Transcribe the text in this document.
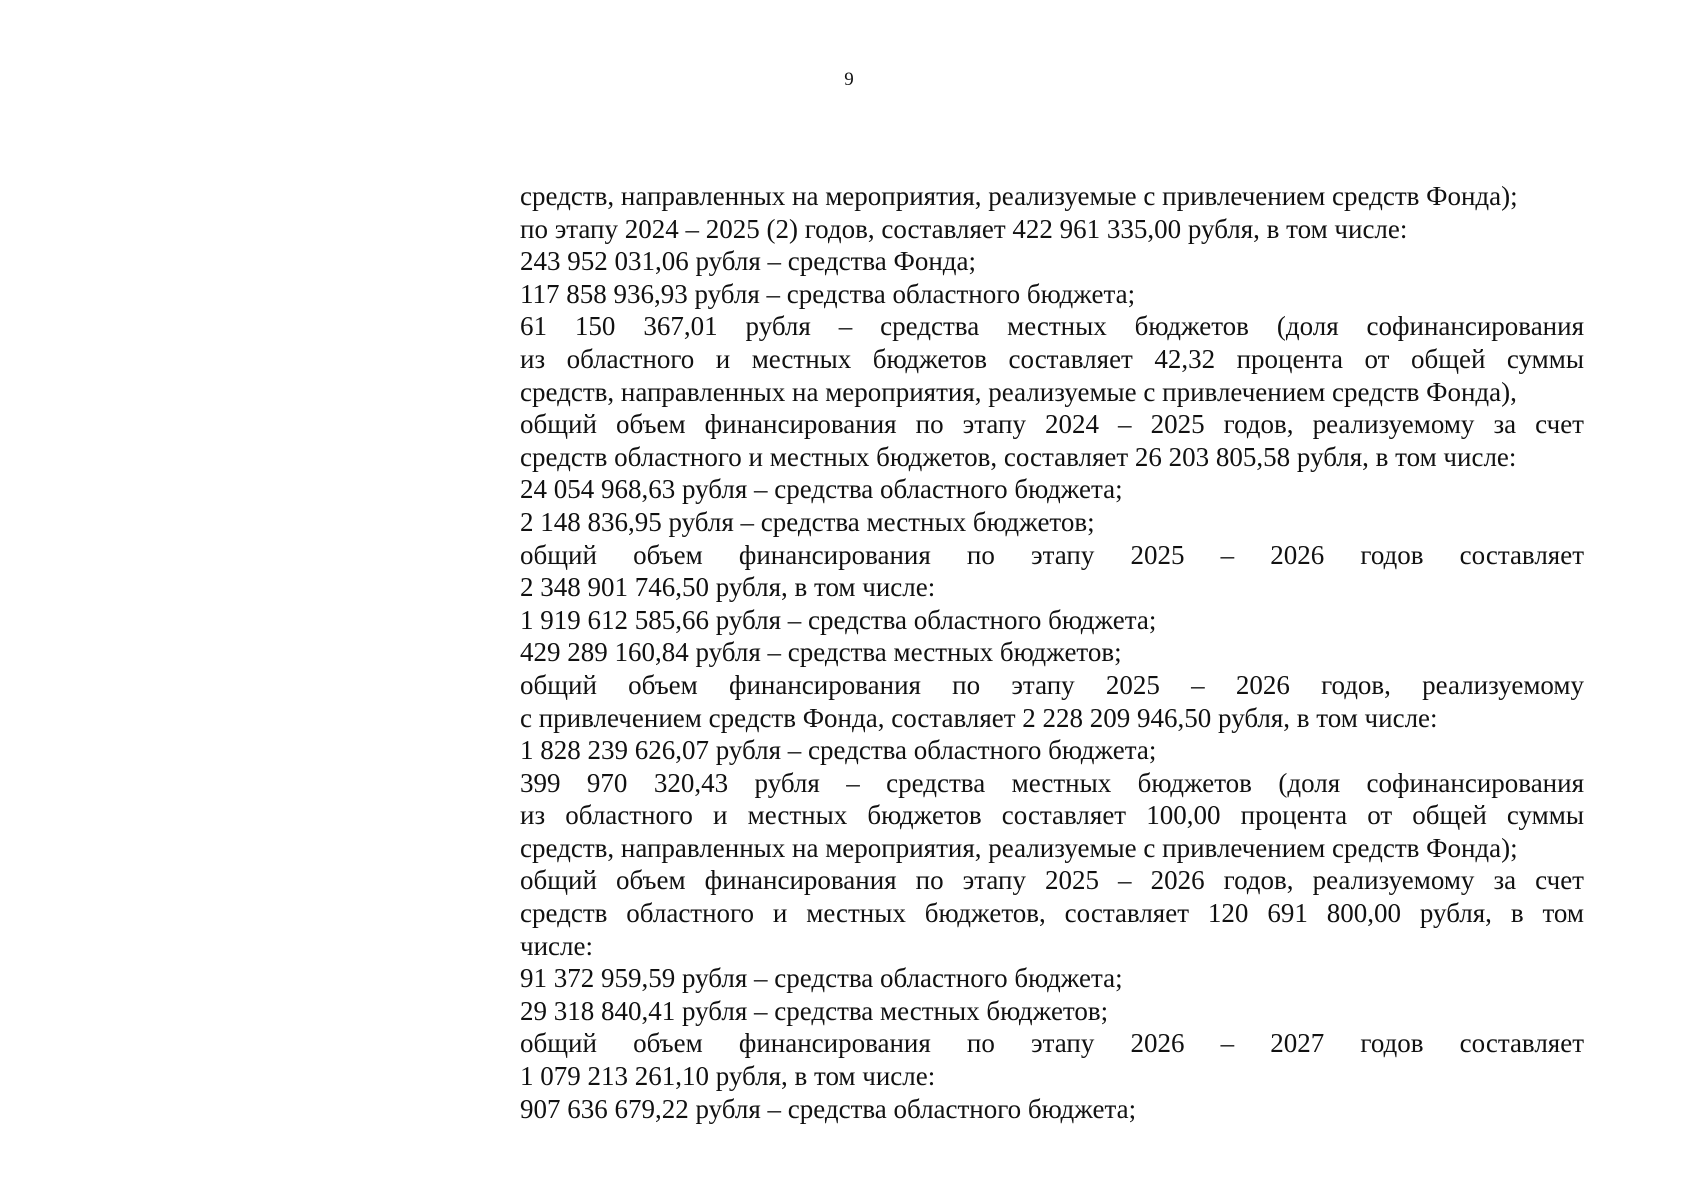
9
средств, направленных на мероприятия, реализуемые с привлечением средств Фонда);
по этапу 2024 – 2025 (2) годов, составляет 422 961 335,00 рубля, в том числе:
243 952 031,06 рубля – средства Фонда;
117 858 936,93 рубля – средства областного бюджета;
61 150 367,01 рубля – средства местных бюджетов (доля софинансирования
из областного и местных бюджетов составляет 42,32 процента от общей суммы
средств, направленных на мероприятия, реализуемые с привлечением средств Фонда),
общий объем финансирования по этапу 2024 – 2025 годов, реализуемому за счет
средств областного и местных бюджетов, составляет 26 203 805,58 рубля, в том числе:
24 054 968,63 рубля – средства областного бюджета;
2 148 836,95 рубля – средства местных бюджетов;
общий объем финансирования по этапу 2025 – 2026 годов составляет
2 348 901 746,50 рубля, в том числе:
1 919 612 585,66 рубля – средства областного бюджета;
429 289 160,84 рубля – средства местных бюджетов;
общий объем финансирования по этапу 2025 – 2026 годов, реализуемому
с привлечением средств Фонда, составляет 2 228 209 946,50 рубля, в том числе:
1 828 239 626,07 рубля – средства областного бюджета;
399 970 320,43 рубля – средства местных бюджетов (доля софинансирования
из областного и местных бюджетов составляет 100,00 процента от общей суммы
средств, направленных на мероприятия, реализуемые с привлечением средств Фонда);
общий объем финансирования по этапу 2025 – 2026 годов, реализуемому за счет
средств областного и местных бюджетов, составляет 120 691 800,00 рубля, в том
числе:
91 372 959,59 рубля – средства областного бюджета;
29 318 840,41 рубля – средства местных бюджетов;
общий объем финансирования по этапу 2026 – 2027 годов составляет
1 079 213 261,10 рубля, в том числе:
907 636 679,22 рубля – средства областного бюджета;
